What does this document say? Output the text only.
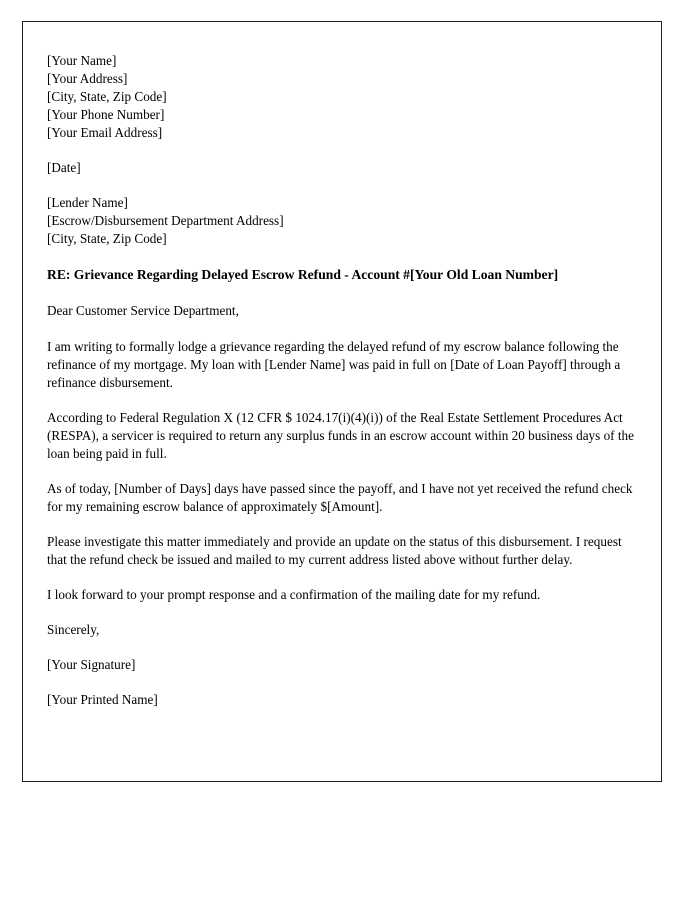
[Your Name]
[Your Address]
[City, State, Zip Code]
[Your Phone Number]
[Your Email Address]
[Date]
[Lender Name]
[Escrow/Disbursement Department Address]
[City, State, Zip Code]
RE: Grievance Regarding Delayed Escrow Refund - Account #[Your Old Loan Number]
Dear Customer Service Department,
I am writing to formally lodge a grievance regarding the delayed refund of my escrow balance following the refinance of my mortgage. My loan with [Lender Name] was paid in full on [Date of Loan Payoff] through a refinance disbursement.
According to Federal Regulation X (12 CFR $ 1024.17(i)(4)(i)) of the Real Estate Settlement Procedures Act (RESPA), a servicer is required to return any surplus funds in an escrow account within 20 business days of the loan being paid in full.
As of today, [Number of Days] days have passed since the payoff, and I have not yet received the refund check for my remaining escrow balance of approximately $[Amount].
Please investigate this matter immediately and provide an update on the status of this disbursement. I request that the refund check be issued and mailed to my current address listed above without further delay.
I look forward to your prompt response and a confirmation of the mailing date for my refund.
Sincerely,
[Your Signature]
[Your Printed Name]
